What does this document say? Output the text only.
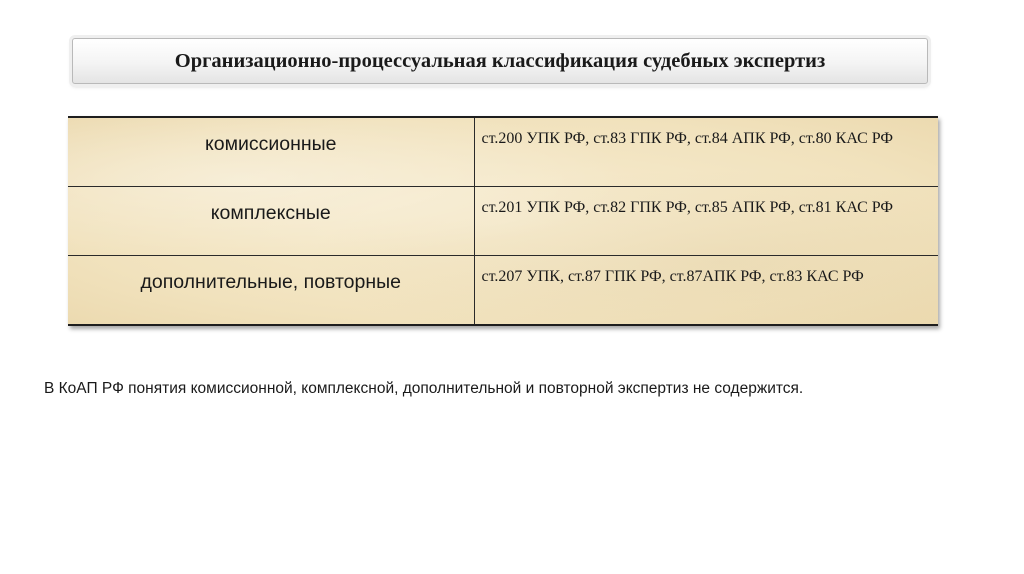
Организационно-процессуальная классификация судебных экспертиз
комиссионные	ст.200 УПК РФ, ст.83 ГПК РФ, ст.84 АПК РФ, ст.80 КАС РФ
комплексные	ст.201 УПК РФ, ст.82 ГПК РФ, ст.85 АПК РФ, ст.81 КАС РФ
дополнительные, повторные	ст.207 УПК, ст.87 ГПК РФ, ст.87АПК РФ, ст.83 КАС РФ
В КоАП РФ понятия комиссионной, комплексной, дополнительной и повторной экспертиз не содержится.
